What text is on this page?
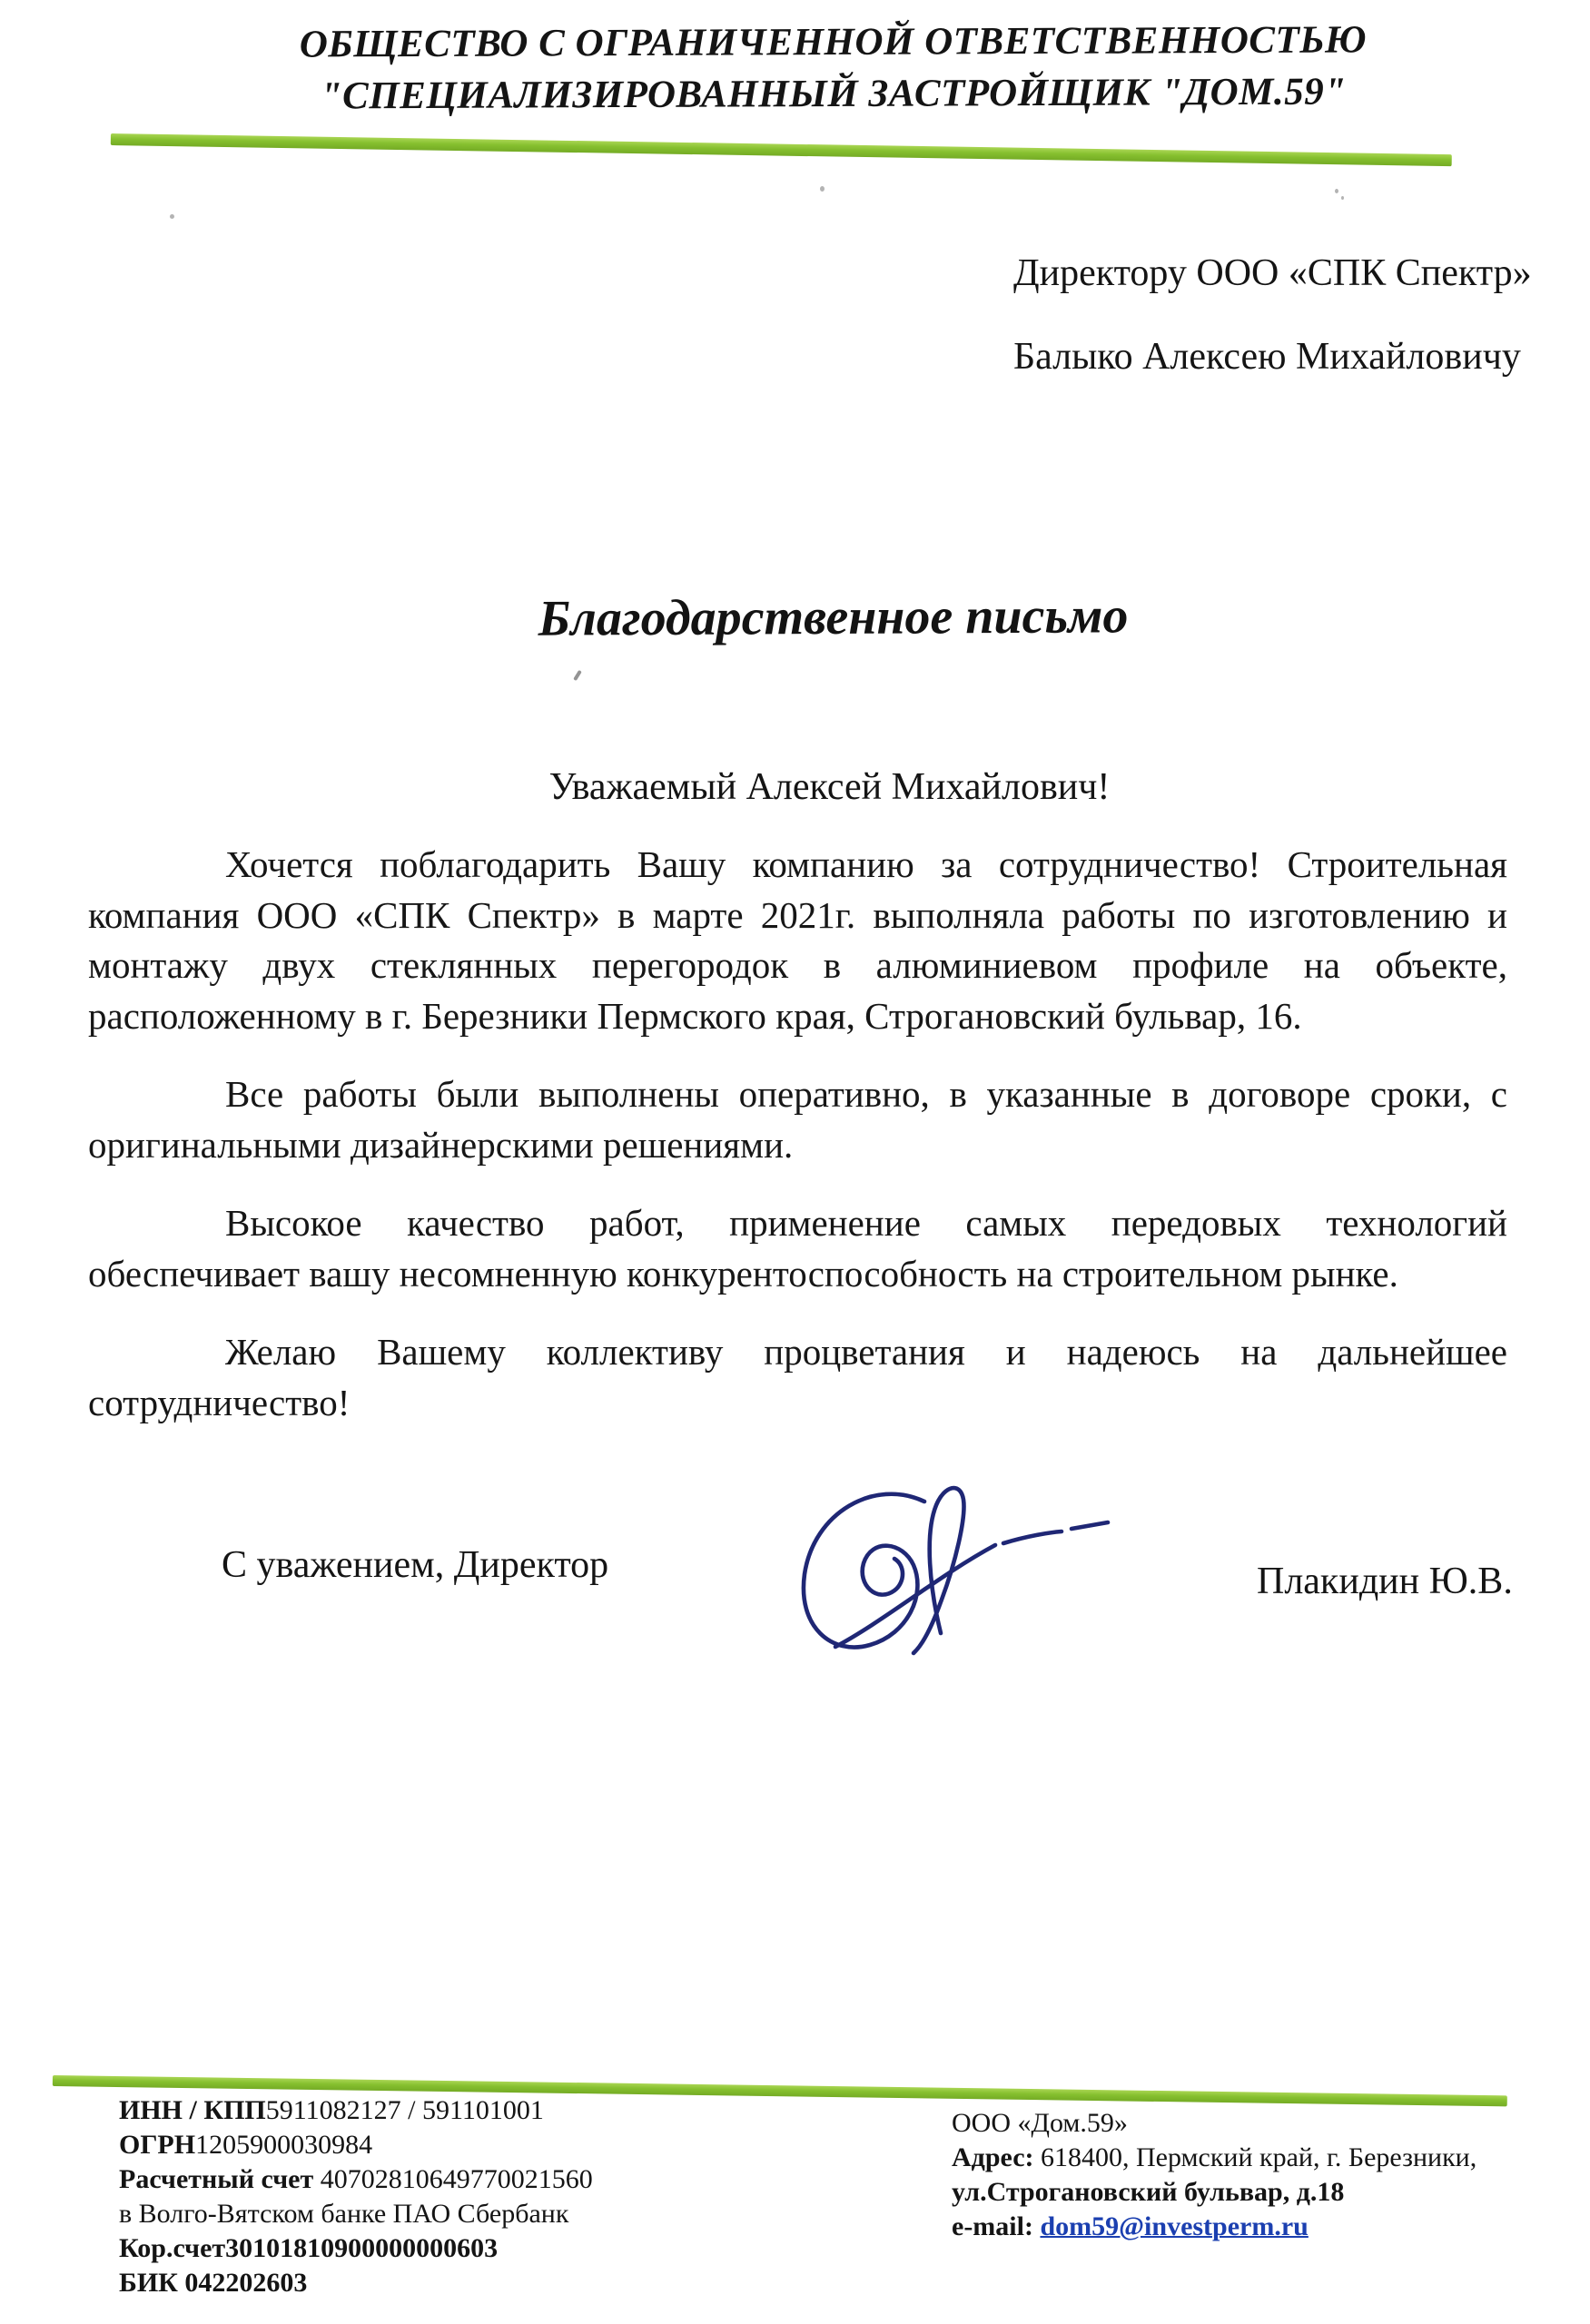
ОБЩЕСТВО С ОГРАНИЧЕННОЙ ОТВЕТСТВЕННОСТЬЮ
"СПЕЦИАЛИЗИРОВАННЫЙ ЗАСТРОЙЩИК "ДОМ.59"
Директору ООО «СПК Спектр»
Балыко Алексею Михайловичу
Благодарственное письмо
Уважаемый Алексей Михайлович!

Хочется поблагодарить Вашу компанию за сотрудничество! Строительная компания ООО «СПК Спектр» в марте 2021г. выполняла работы по изготовлению и монтажу двух стеклянных перегородок в алюминиевом профиле на объекте, расположенному в г. Березники Пермского края, Строгановский бульвар, 16.

Все работы были выполнены оперативно, в указанные в договоре сроки, с оригинальными дизайнерскими решениями.

Высокое качество работ, применение самых передовых технологий обеспечивает вашу несомненную конкурентоспособность на строительном рынке.

Желаю Вашему коллективу процветания и надеюсь на дальнейшее сотрудничество!

С уважением, Директор	Плакидин Ю.В.
ИНН / КПП5911082127 / 591101001
ОГРН1205900030984
Расчетный счет 40702810649770021560
в Волго-Вятском банке ПАО Сбербанк
Кор.счет30101810900000000603
БИК 042202603
ООО «Дом.59»
Адрес: 618400, Пермский край, г. Березники,
ул.Строгановский бульвар, д.18
e-mail: dom59@investperm.ru
